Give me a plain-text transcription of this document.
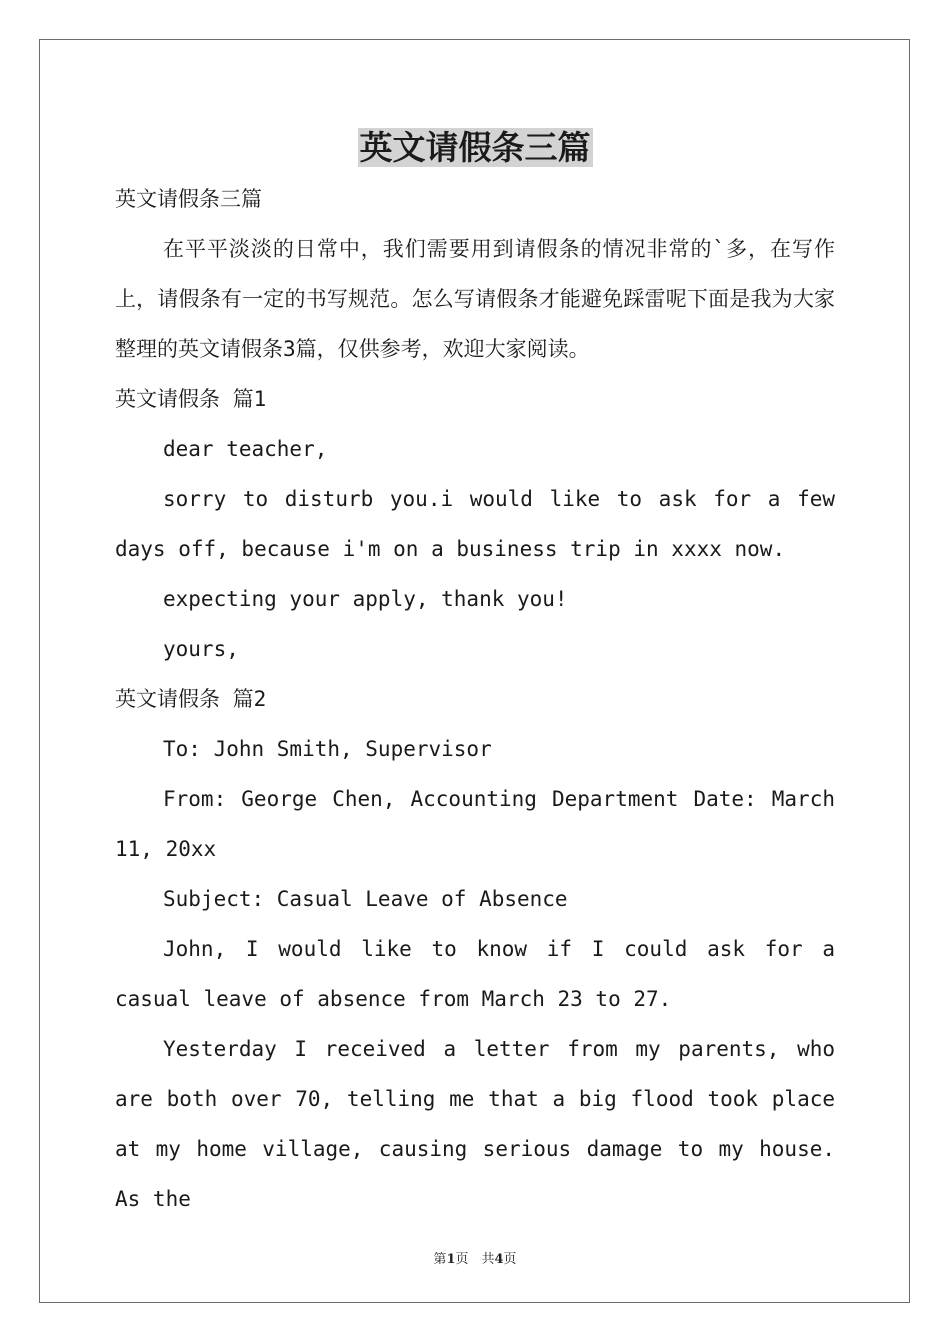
英文请假条三篇

英文请假条三篇

在平平淡淡的日常中，我们需要用到请假条的情况非常的`多，在写作上，请假条有一定的书写规范。怎么写请假条才能避免踩雷呢下面是我为大家整理的英文请假条3篇，仅供参考，欢迎大家阅读。

英文请假条 篇1

dear teacher,

sorry to disturb you.i would like to ask for a few days off, because i'm on a business trip in xxxx now.

expecting your apply, thank you!

yours,

英文请假条 篇2

To: John Smith, Supervisor

From: George Chen, Accounting Department Date: March 11, 20xx

Subject: Casual Leave of Absence

John, I would like to know if I could ask for a casual leave of absence from March 23 to 27.

Yesterday I received a letter from my parents, who are both over 70, telling me that a big flood took place at my home village, causing serious damage to my house. As the

第1页　共4页
